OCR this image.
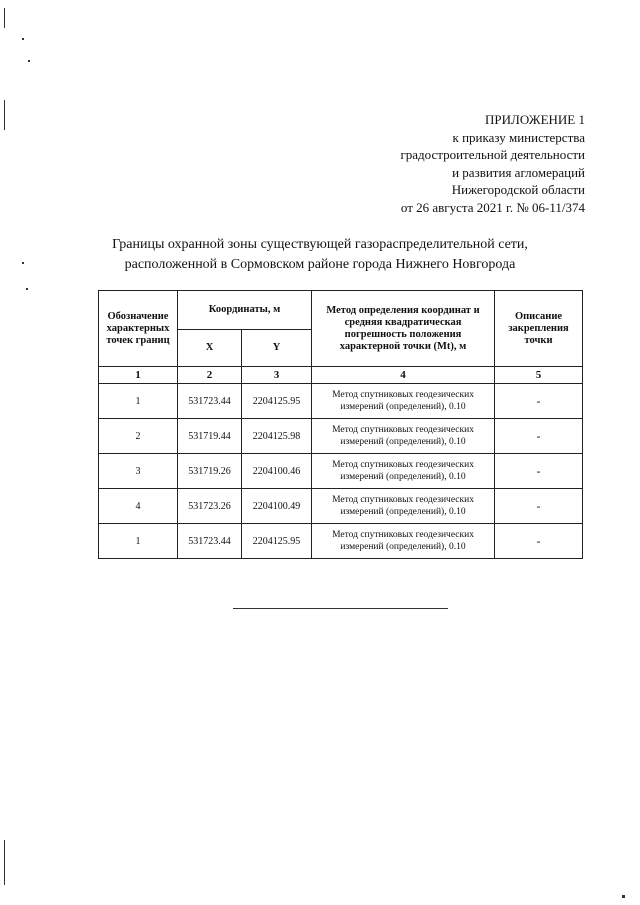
ПРИЛОЖЕНИЕ 1
к приказу министерства
градостроительной деятельности
и развития агломераций
Нижегородской области
от 26 августа 2021 г. № 06-11/374
Границы охранной зоны существующей газораспределительной сети,
расположенной в Сормовском районе города Нижнего Новгорода
Обозначение характерных точек границ	Координаты, м		Метод определения координат и средняя квадратическая погрешность положения характерной точки (Mt), м	Описание закрепления точки
	X	Y		
1	2	3	4	5
1	531723.44	2204125.95	Метод спутниковых геодезических измерений (определений), 0.10	-
2	531719.44	2204125.98	Метод спутниковых геодезических измерений (определений), 0.10	-
3	531719.26	2204100.46	Метод спутниковых геодезических измерений (определений), 0.10	-
4	531723.26	2204100.49	Метод спутниковых геодезических измерений (определений), 0.10	-
1	531723.44	2204125.95	Метод спутниковых геодезических измерений (определений), 0.10	-
